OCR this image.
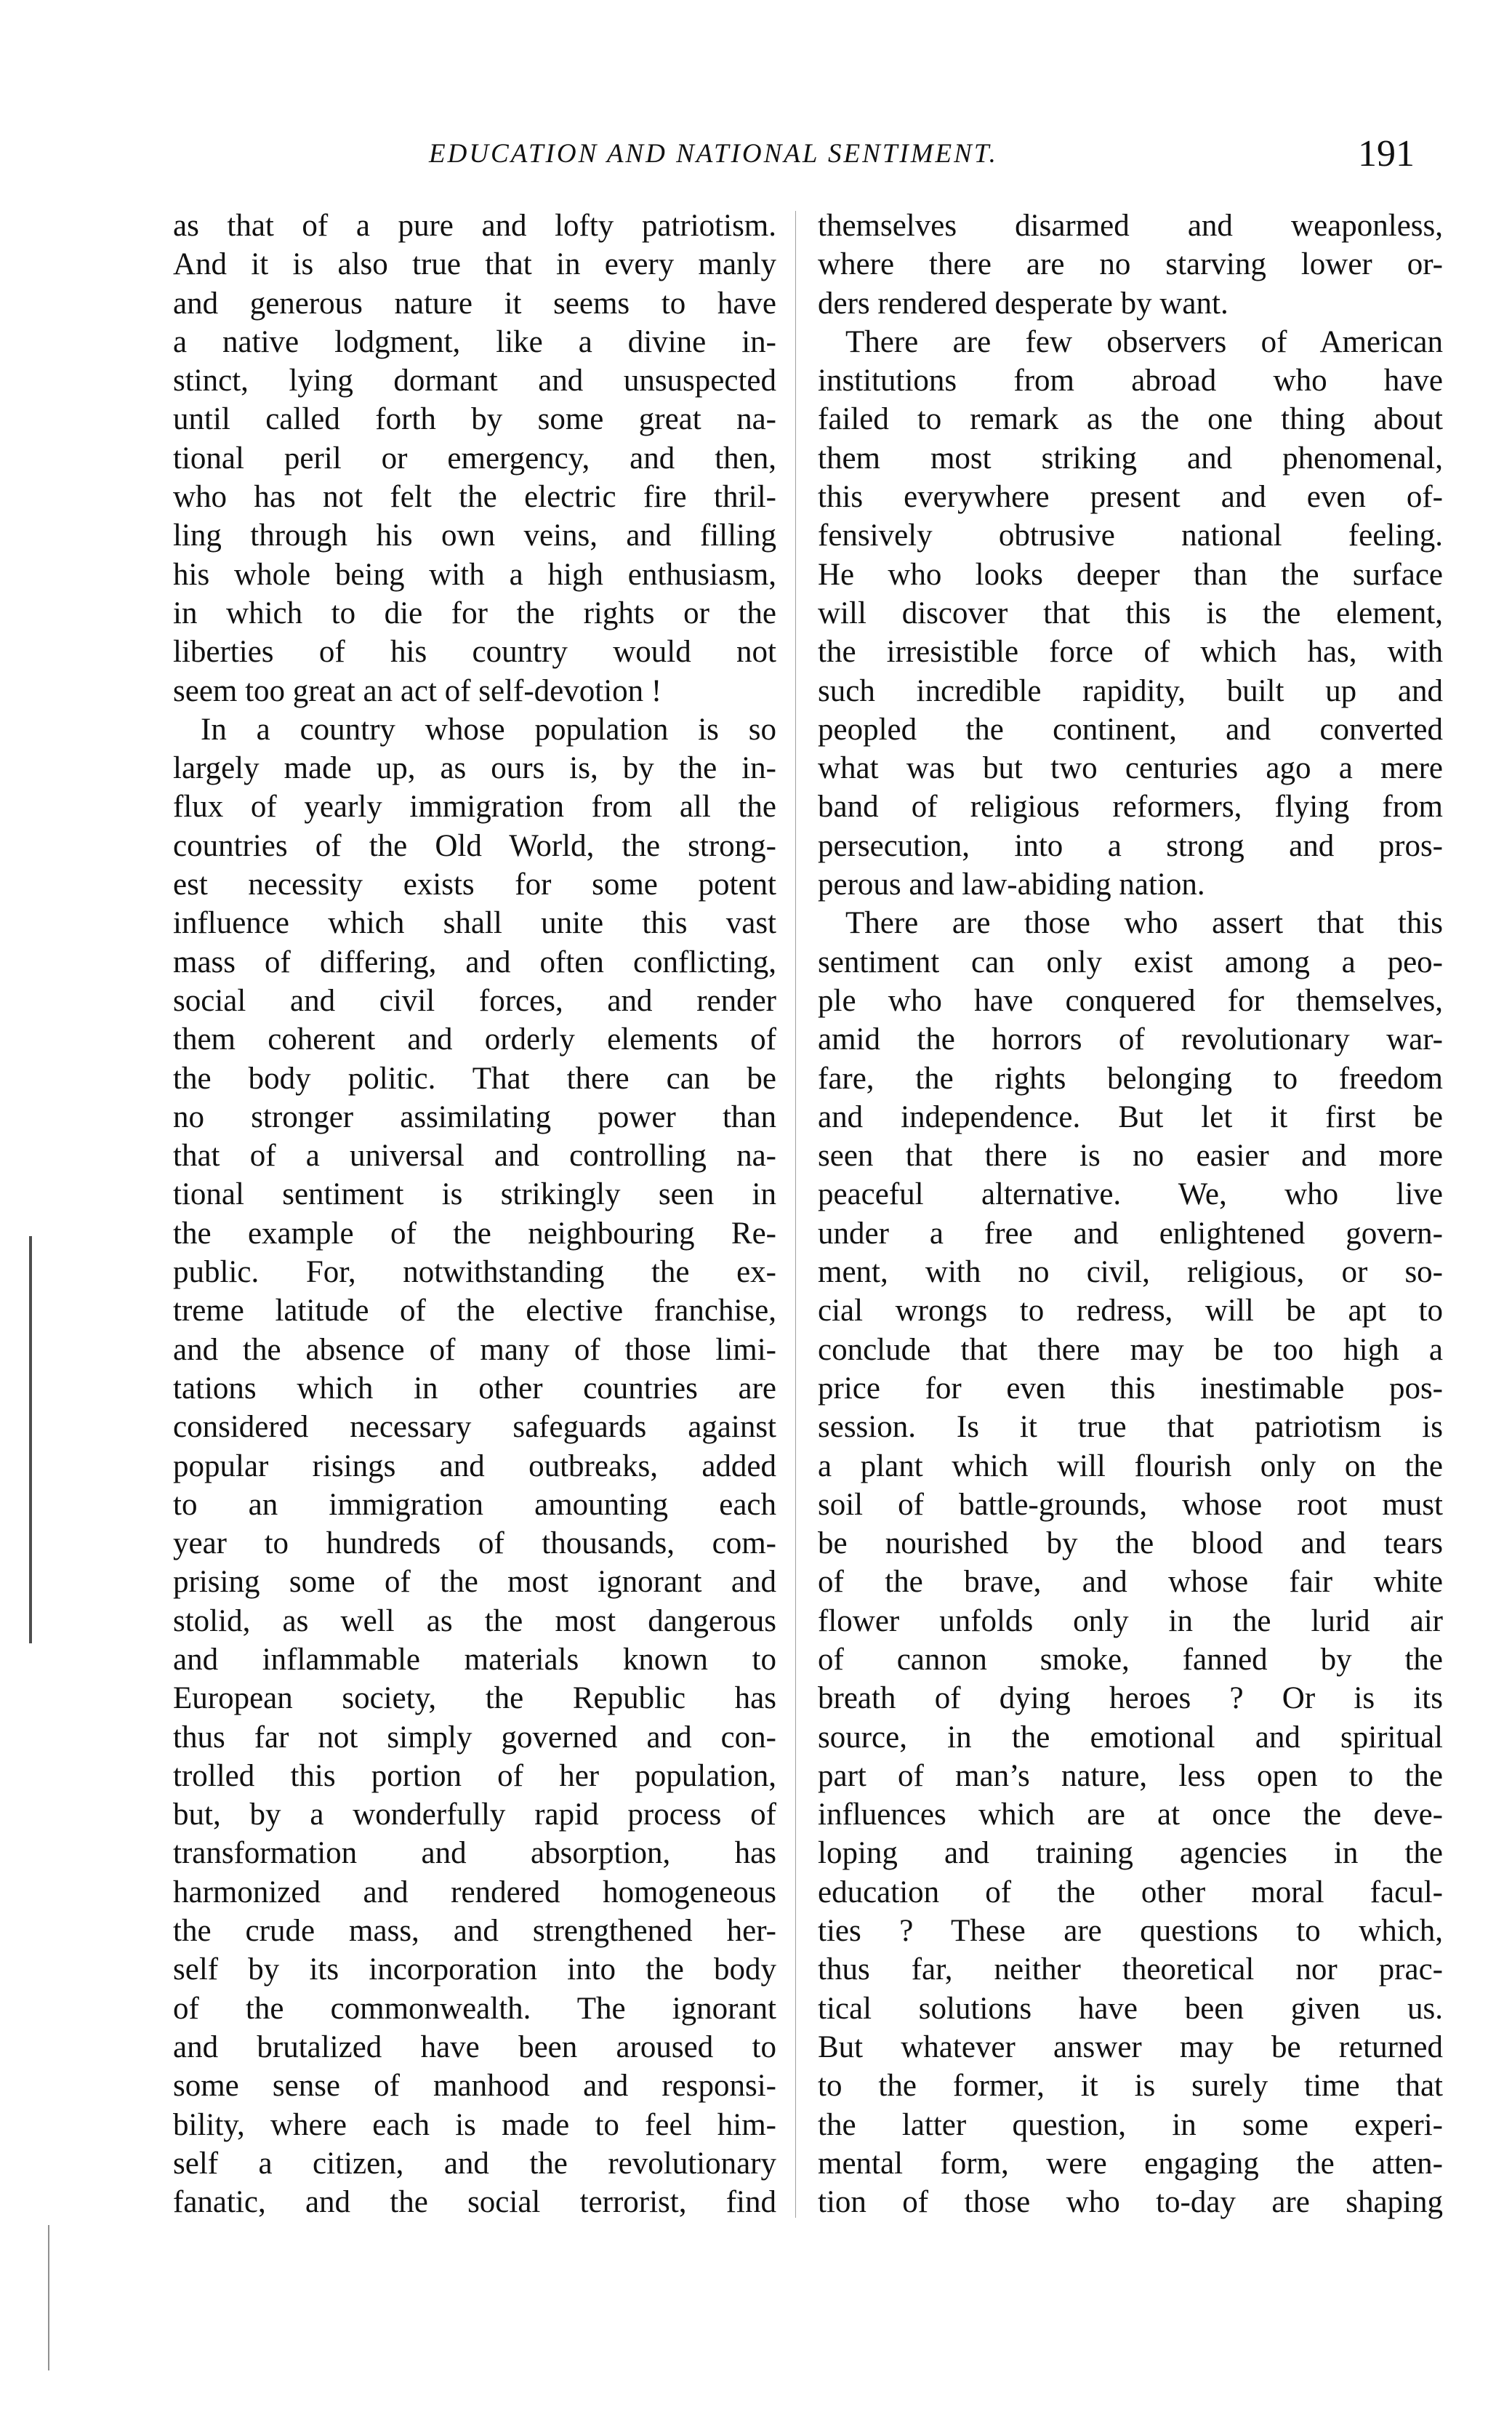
EDUCATION AND NATIONAL SENTIMENT.	191
as that of a pure and lofty patriotism.
And it is also true that in every manly
and generous nature it seems to have
a native lodgment, like a divine in-
stinct, lying dormant and unsuspected
until called forth by some great na-
tional peril or emergency, and then,
who has not felt the electric fire thril-
ling through his own veins, and filling
his whole being with a high enthusiasm,
in which to die for the rights or the
liberties of his country would not
seem too great an act of self-devotion !
In a country whose population is so
largely made up, as ours is, by the in-
flux of yearly immigration from all the
countries of the Old World, the strong-
est necessity exists for some potent
influence which shall unite this vast
mass of differing, and often conflicting,
social and civil forces, and render
them coherent and orderly elements of
the body politic. That there can be
no stronger assimilating power than
that of a universal and controlling na-
tional sentiment is strikingly seen in
the example of the neighbouring Re-
public. For, notwithstanding the ex-
treme latitude of the elective franchise,
and the absence of many of those limi-
tations which in other countries are
considered necessary safeguards against
popular risings and outbreaks, added
to an immigration amounting each
year to hundreds of thousands, com-
prising some of the most ignorant and
stolid, as well as the most dangerous
and inflammable materials known to
European society, the Republic has
thus far not simply governed and con-
trolled this portion of her population,
but, by a wonderfully rapid process of
transformation and absorption, has
harmonized and rendered homogeneous
the crude mass, and strengthened her-
self by its incorporation into the body
of the commonwealth. The ignorant
and brutalized have been aroused to
some sense of manhood and responsi-
bility, where each is made to feel him-
self a citizen, and the revolutionary
fanatic, and the social terrorist, find
themselves disarmed and weaponless,
where there are no starving lower or-
ders rendered desperate by want.
There are few observers of American
institutions from abroad who have
failed to remark as the one thing about
them most striking and phenomenal,
this everywhere present and even of-
fensively obtrusive national feeling.
He who looks deeper than the surface
will discover that this is the element,
the irresistible force of which has, with
such incredible rapidity, built up and
peopled the continent, and converted
what was but two centuries ago a mere
band of religious reformers, flying from
persecution, into a strong and pros-
perous and law-abiding nation.
There are those who assert that this
sentiment can only exist among a peo-
ple who have conquered for themselves,
amid the horrors of revolutionary war-
fare, the rights belonging to freedom
and independence. But let it first be
seen that there is no easier and more
peaceful alternative. We, who live
under a free and enlightened govern-
ment, with no civil, religious, or so-
cial wrongs to redress, will be apt to
conclude that there may be too high a
price for even this inestimable pos-
session. Is it true that patriotism is
a plant which will flourish only on the
soil of battle-grounds, whose root must
be nourished by the blood and tears
of the brave, and whose fair white
flower unfolds only in the lurid air
of cannon smoke, fanned by the
breath of dying heroes ? Or is its
source, in the emotional and spiritual
part of man’s nature, less open to the
influences which are at once the deve-
loping and training agencies in the
education of the other moral facul-
ties ? These are questions to which,
thus far, neither theoretical nor prac-
tical solutions have been given us.
But whatever answer may be returned
to the former, it is surely time that
the latter question, in some experi-
mental form, were engaging the atten-
tion of those who to-day are shaping
